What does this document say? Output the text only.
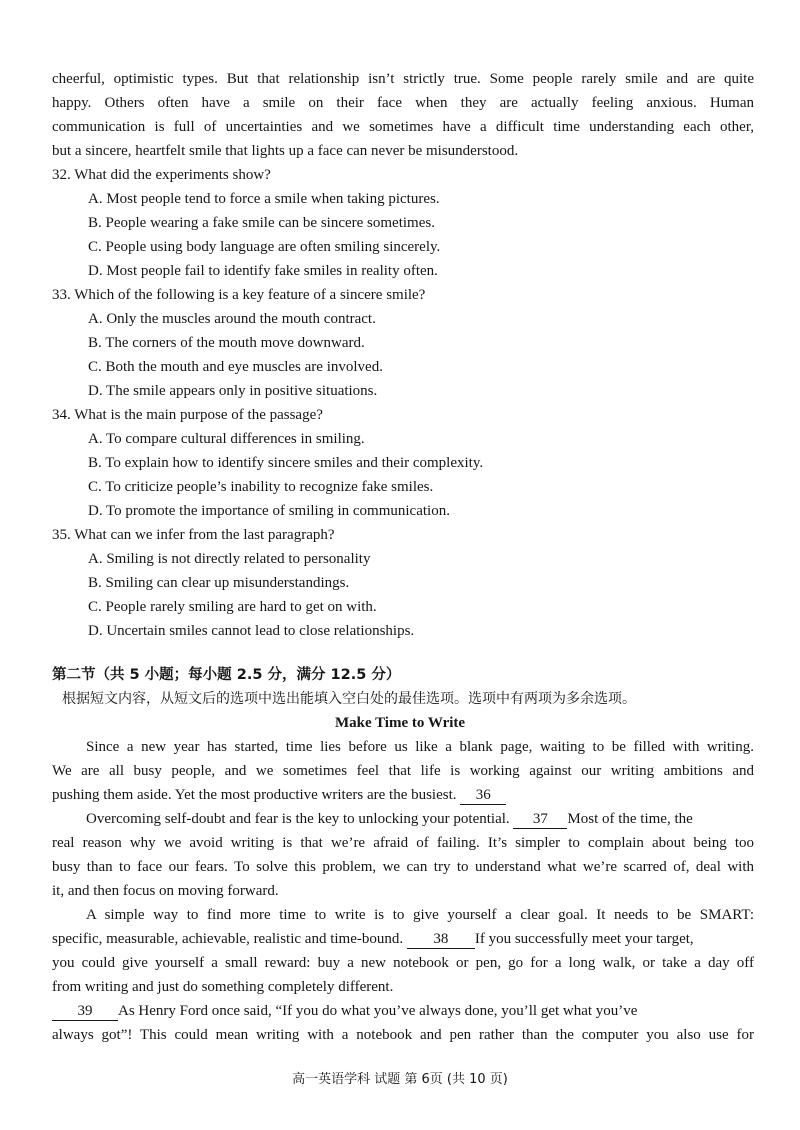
cheerful, optimistic types. But that relationship isn’t strictly true. Some people rarely smile and are quite
happy. Others often have a smile on their face when they are actually feeling anxious. Human
communication is full of uncertainties and we sometimes have a difficult time understanding each other,
but a sincere, heartfelt smile that lights up a face can never be misunderstood.
32. What did the experiments show?
A. Most people tend to force a smile when taking pictures.
B. People wearing a fake smile can be sincere sometimes.
C. People using body language are often smiling sincerely.
D. Most people fail to identify fake smiles in reality often.
33. Which of the following is a key feature of a sincere smile?
A. Only the muscles around the mouth contract.
B. The corners of the mouth move downward.
C. Both the mouth and eye muscles are involved.
D. The smile appears only in positive situations.
34. What is the main purpose of the passage?
A. To compare cultural differences in smiling.
B. To explain how to identify sincere smiles and their complexity.
C. To criticize people’s inability to recognize fake smiles.
D. To promote the importance of smiling in communication.
35. What can we infer from the last paragraph?
A. Smiling is not directly related to personality
B. Smiling can clear up misunderstandings.
C. People rarely smiling are hard to get on with.
D. Uncertain smiles cannot lead to close relationships.
第二节（共 5 小题；每小题 2.5 分，满分 12.5 分）
根据短文内容，从短文后的选项中选出能填入空白处的最佳选项。选项中有两项为多余选项。
Make Time to Write
Since a new year has started, time lies before us like a blank page, waiting to be filled with writing.
We are all busy people, and we sometimes feel that life is working against our writing ambitions and
pushing them aside. Yet the most productive writers are the busiest. 36
Overcoming self-doubt and fear is the key to unlocking your potential. 37 Most of the time, the
real reason why we avoid writing is that we’re afraid of failing. It’s simpler to complain about being too
busy than to face our fears. To solve this problem, we can try to understand what we’re scarred of, deal with
it, and then focus on moving forward.
A simple way to find more time to write is to give yourself a clear goal. It needs to be SMART:
specific, measurable, achievable, realistic and time-bound. 38 If you successfully meet your target,
you could give yourself a small reward: buy a new notebook or pen, go for a long walk, or take a day off
from writing and just do something completely different.
39 As Henry Ford once said, “If you do what you’ve always done, you’ll get what you’ve
always got”! This could mean writing with a notebook and pen rather than the computer you also use for
高一英语学科 试题 第 6页 (共 10 页)
